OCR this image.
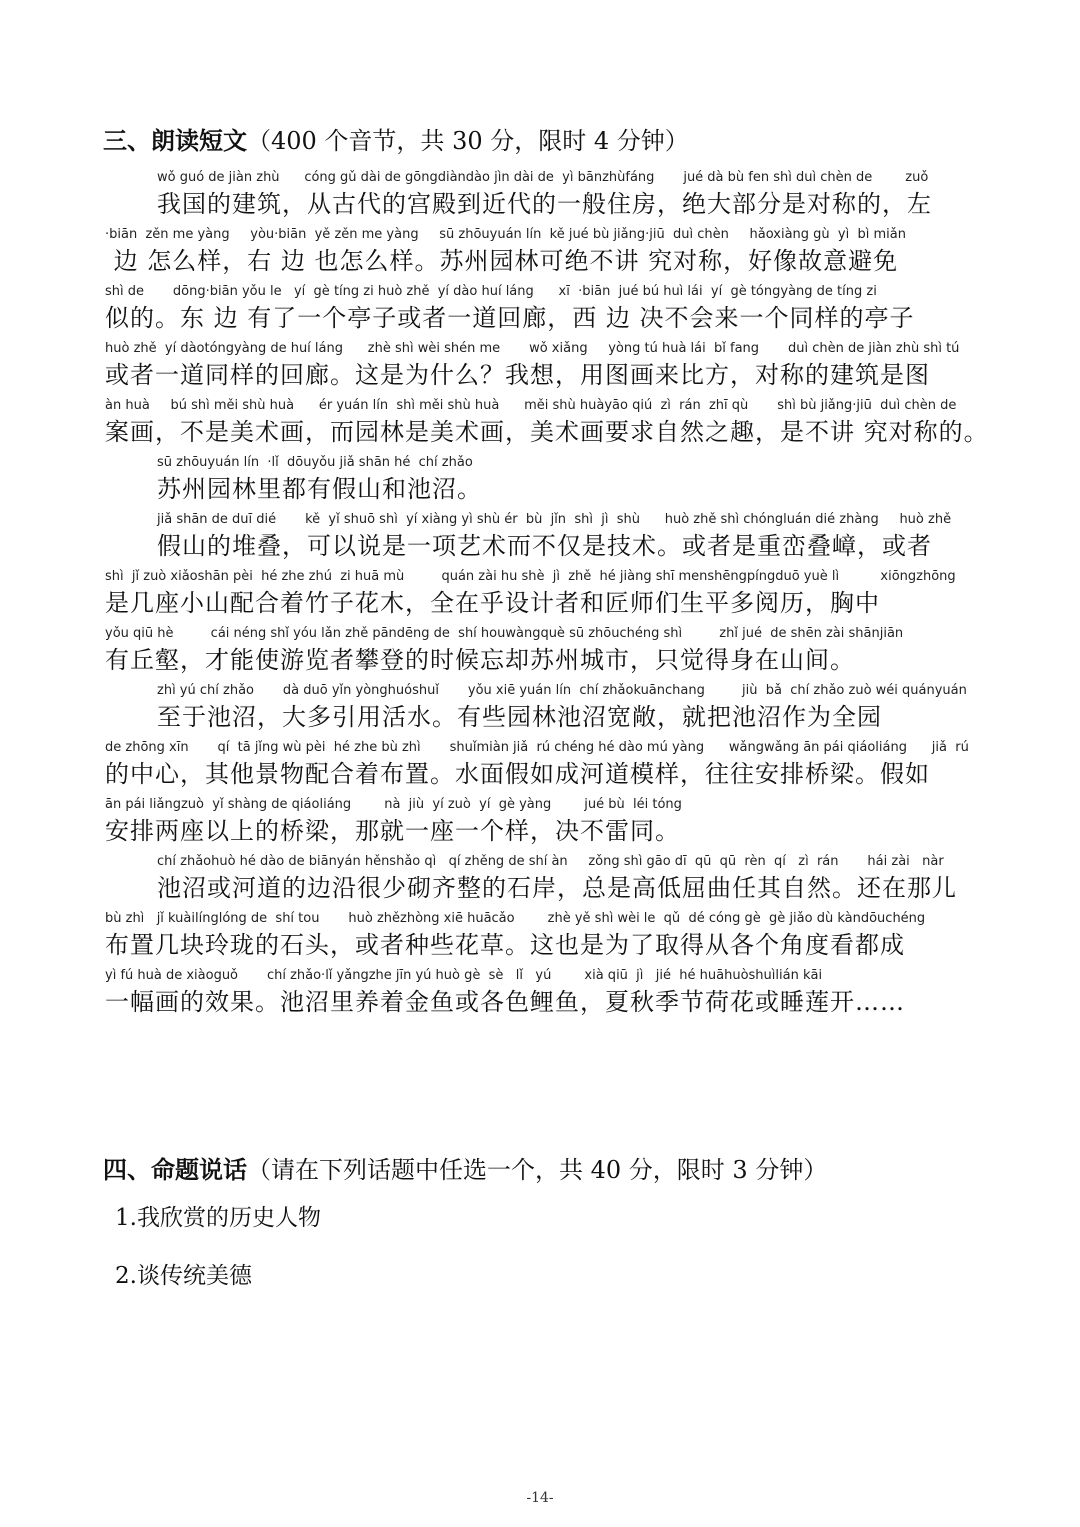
三、朗读短文（400 个音节，共 30 分，限时 4 分钟）
wǒ guó de jiàn zhù      cóng gǔ dài de gōngdiàndào jìn dài de  yì bānzhùfáng       jué dà bù fen shì duì chèn de        zuǒ
我国的建筑，从古代的宫殿到近代的一般住房，绝大部分是对称的，左
·biān  zěn me yàng     yòu·biān  yě zěn me yàng     sū zhōuyuán lín  kě jué bù jiǎng·jiū  duì chèn     hǎoxiàng gù  yì  bì miǎn
边 怎么样，右 边 也怎么样。苏州园林可绝不讲 究对称，好像故意避免
shì de       dōng·biān yǒu le   yí  gè tíng zi huò zhě  yí dào huí láng      xī  ·biān  jué bú huì lái  yí  gè tóngyàng de tíng zi
似的。东 边 有了一个亭子或者一道回廊，西 边 决不会来一个同样的亭子
huò zhě  yí dàotóngyàng de huí láng      zhè shì wèi shén me       wǒ xiǎng     yòng tú huà lái  bǐ fang       duì chèn de jiàn zhù shì tú
或者一道同样的回廊。这是为什么？我想，用图画来比方，对称的建筑是图
àn huà     bú shì měi shù huà      ér yuán lín  shì měi shù huà      měi shù huàyāo qiú  zì  rán  zhī qù       shì bù jiǎng·jiū  duì chèn de
案画，不是美术画，而园林是美术画，美术画要求自然之趣，是不讲 究对称的。
sū zhōuyuán lín  ·lǐ  dōuyǒu jiǎ shān hé  chí zhǎo
苏州园林里都有假山和池沼。
jiǎ shān de duī dié       kě  yǐ shuō shì  yí xiàng yì shù ér  bù  jǐn  shì  jì  shù      huò zhě shì chóngluán dié zhàng     huò zhě
假山的堆叠，可以说是一项艺术而不仅是技术。或者是重峦叠嶂，或者
shì  jǐ zuò xiǎoshān pèi  hé zhe zhú  zi huā mù         quán zài hu shè  jì  zhě  hé jiàng shī menshēngpíngduō yuè lì          xiōngzhōng
是几座小山配合着竹子花木，全在乎设计者和匠师们生平多阅历，胸中
yǒu qiū hè         cái néng shǐ yóu lǎn zhě pāndēng de  shí houwàngquè sū zhōuchéng shì         zhǐ jué  de shēn zài shānjiān
有丘壑，才能使游览者攀登的时候忘却苏州城市，只觉得身在山间。
zhì yú chí zhǎo       dà duō yǐn yònghuóshuǐ       yǒu xiē yuán lín  chí zhǎokuānchang         jiù  bǎ  chí zhǎo zuò wéi quányuán
至于池沼，大多引用活水。有些园林池沼宽敞，就把池沼作为全园
de zhōng xīn       qí  tā jǐng wù pèi  hé zhe bù zhì       shuǐmiàn jiǎ  rú chéng hé dào mú yàng      wǎngwǎng ān pái qiáoliáng      jiǎ  rú
的中心，其他景物配合着布置。水面假如成河道模样，往往安排桥梁。假如
ān pái liǎngzuò  yǐ shàng de qiáoliáng        nà  jiù  yí zuò  yí  gè yàng        jué bù  léi tóng
安排两座以上的桥梁，那就一座一个样，决不雷同。
chí zhǎohuò hé dào de biānyán hěnshǎo qì   qí zhěng de shí àn     zǒng shì gāo dī  qū  qū  rèn  qí   zì  rán       hái zài   nàr
池沼或河道的边沿很少砌齐整的石岸，总是高低屈曲任其自然。还在那儿
bù zhì   jǐ kuàilínglóng de  shí tou       huò zhězhòng xiē huācǎo        zhè yě shì wèi le  qǔ  dé cóng gè  gè jiǎo dù kàndōuchéng
布置几块玲珑的石头，或者种些花草。这也是为了取得从各个角度看都成
yì fú huà de xiàoguǒ       chí zhǎo·lǐ yǎngzhe jīn yú huò gè  sè   lǐ   yú        xià qiū  jì   jié  hé huāhuòshuìlián kāi
一幅画的效果。池沼里养着金鱼或各色鲤鱼，夏秋季节荷花或睡莲开……
四、命题说话（请在下列话题中任选一个，共 40 分，限时 3 分钟）
1.我欣赏的历史人物
2.谈传统美德
-14-
